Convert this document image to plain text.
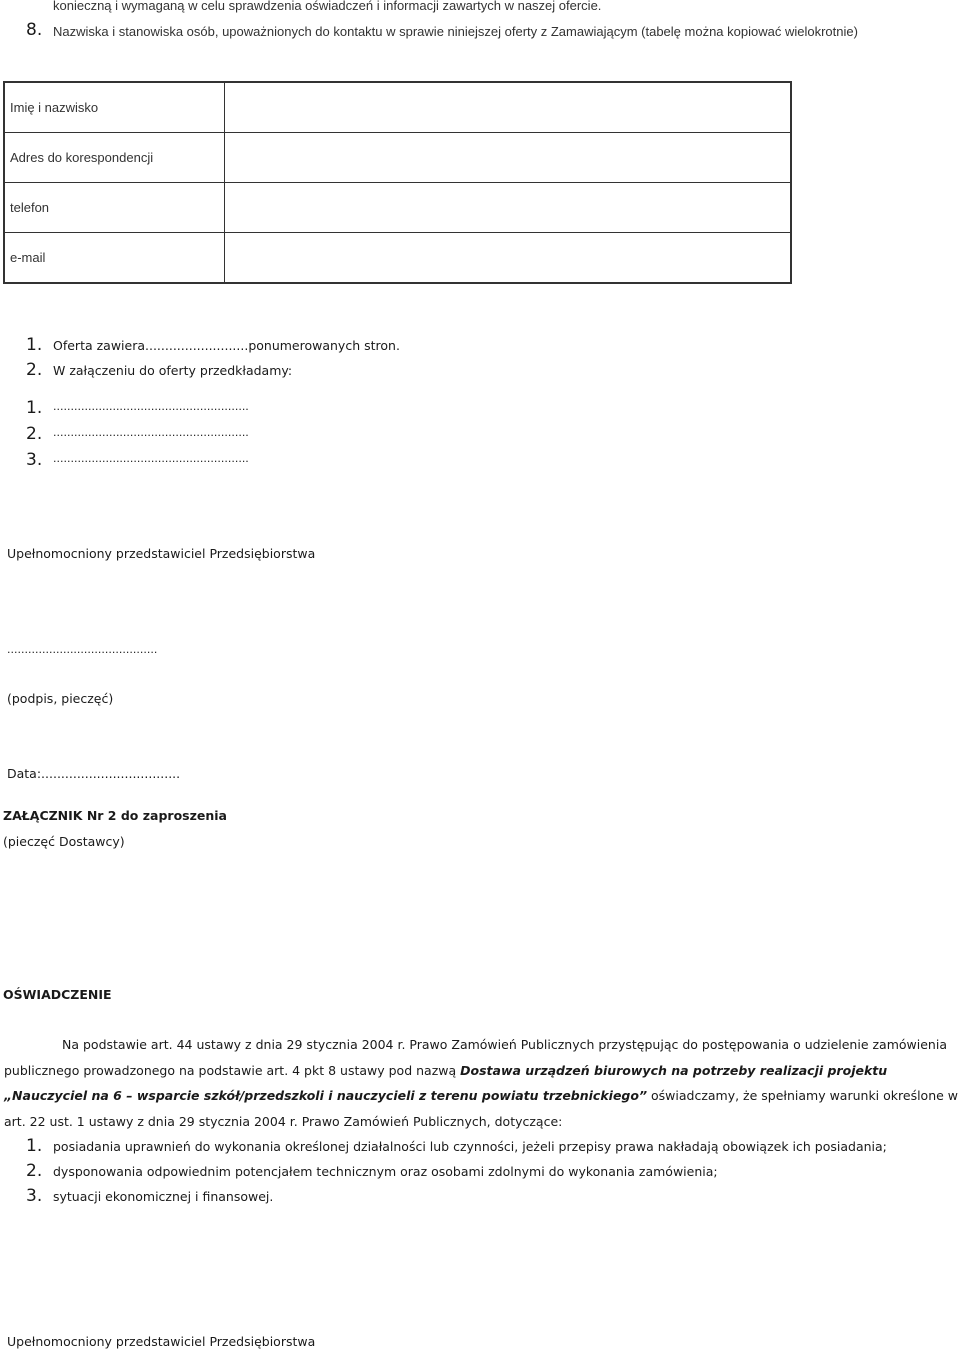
konieczną i wymaganą w celu sprawdzenia oświadczeń i informacji zawartych w naszej ofercie.
8. Nazwiska i stanowiska osób, upoważnionych do kontaktu w sprawie niniejszej oferty z Zamawiającym (tabelę można kopiować wielokrotnie)
Imię i nazwisko	
Adres do korespondencji	
telefon	
e-mail	
1. Oferta zawiera..........................ponumerowanych stron.
2. W załączeniu do oferty przedkładamy:
1. ........................................................
2. ........................................................
3. ........................................................
Upełnomocniony przedstawiciel Przedsiębiorstwa
...........................................
(podpis, pieczęć)
Data:...................................
ZAŁĄCZNIK Nr 2 do zaproszenia
(pieczęć Dostawcy)
OŚWIADCZENIE
Na podstawie art. 44 ustawy z dnia 29 stycznia 2004 r. Prawo Zamówień Publicznych przystępując do postępowania o udzielenie zamówienia publicznego prowadzonego na podstawie art. 4 pkt 8 ustawy pod nazwą Dostawa urządzeń biurowych na potrzeby realizacji projektu „Nauczyciel na 6 – wsparcie szkół/przedszkoli i nauczycieli z terenu powiatu trzebnickiego” oświadczamy, że spełniamy warunki określone w art. 22 ust. 1 ustawy z dnia 29 stycznia 2004 r. Prawo Zamówień Publicznych, dotyczące:
1. posiadania uprawnień do wykonania określonej działalności lub czynności, jeżeli przepisy prawa nakładają obowiązek ich posiadania;
2. dysponowania odpowiednim potencjałem technicznym oraz osobami zdolnymi do wykonania zamówienia;
3. sytuacji ekonomicznej i finansowej.
Upełnomocniony przedstawiciel Przedsiębiorstwa
